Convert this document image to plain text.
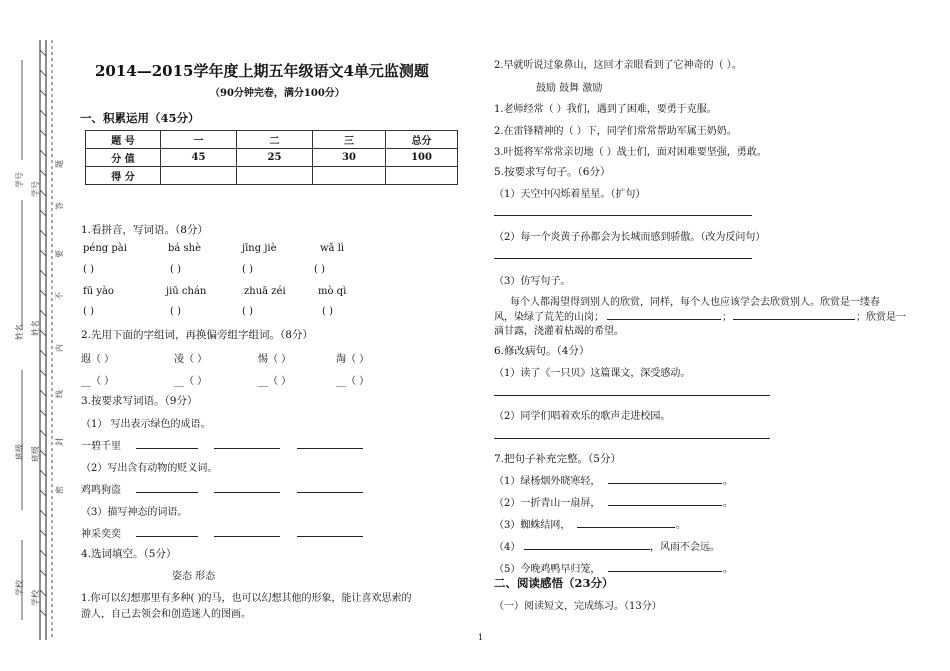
学号
姓名
班级
学校
学号
姓名
班级
学校
题
答
要
不
内
线
封
密
2014—2015学年度上期五年级语文4单元监测题
（90分钟完卷，满分100分）
一、积累运用（45分）
题 号	一	二	三	总分
分 值	45	25	30	100
得 分				
1.看拼音，写词语。（8分）
péng pài	bá shè	jīng jiè	wǎ lì
( )	( )	( )	( )
fū yào	jiū chán	zhuā zéi	mò qì
( )	( )	( )	( )
2.先用下面的字组词，再换偏旁组字组词。（8分）
遐（ ）	凌（ ）	惕（ ）	淘（ ）
__（ ）	__（ ）	__（ ）	__（ ）
3.按要求写词语。（9分）
（1） 写出表示绿色的成语。
一碧千里
（2）写出含有动物的贬义词。
鸡鸣狗盗
（3）描写神态的词语。
神采奕奕
4.选词填空。（5分）
姿态 形态
1.你可以幻想那里有多种( )的马，也可以幻想其他的形象，能让喜欢思索的
游人，自己去领会和创造迷人的图画。
2.早就听说过象鼻山，这回才亲眼看到了它神奇的（ ）。
鼓励 鼓舞 激励
1.老师经常（ ）我们，遇到了困难，要勇于克服。
2.在雷锋精神的（ ）下，同学们常常帮助军属王奶奶。
3.叶挺将军常常亲切地（ ）战士们，面对困难要坚强，勇敢。
5.按要求写句子。（6分）
（1）天空中闪烁着星星。（扩句）
（2）每一个炎黄子孙都会为长城而感到骄傲。（改为反问句）
（3）仿写句子。
每个人都渴望得到别人的欣赏，同样，每个人也应该学会去欣赏别人。欣赏是一缕春
风，染绿了荒芜的山岗；	；	；欣赏是一
滴甘露，浇灌着枯竭的希望。
6.修改病句。（4分）
（1）读了《一只贝》这篇课文，深受感动。
（2）同学们唱着欢乐的歌声走进校园。
7.把句子补充完整。（5分）
（1）绿杨烟外晓寒轻，	。
（2）一折青山一扇屏，	。
（3）蜘蛛结网，	。
（4）	，风雨不会远。
（5）今晚鸡鸭早归笼，	。
二、阅读感悟（23分）
（一）阅读短文，完成练习。（13分）
1
